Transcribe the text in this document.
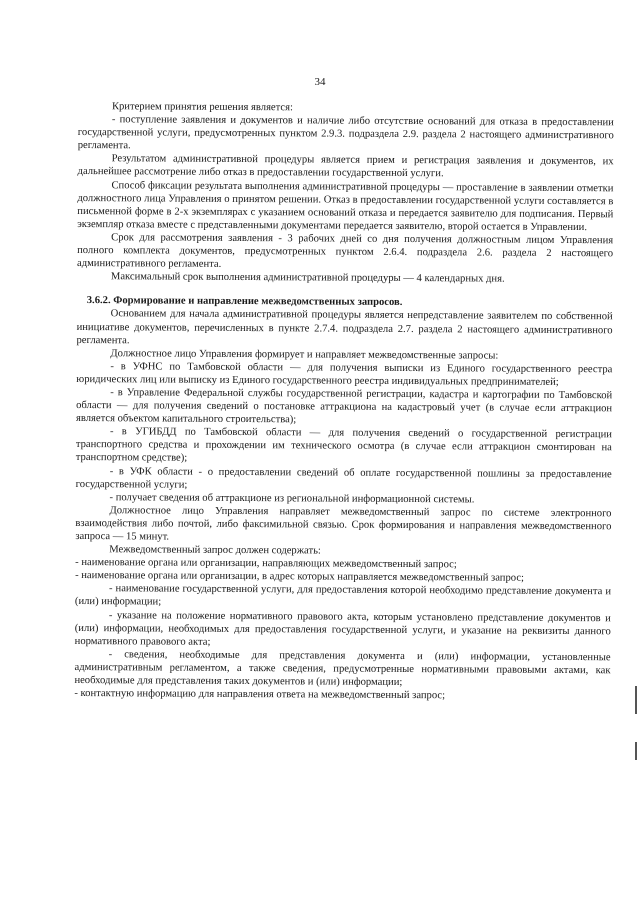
34

Критерием принятия решения является:

- поступление заявления и документов и наличие либо отсутствие оснований для отказа в предоставлении государственной услуги, предусмотренных пунктом 2.9.3. подраздела 2.9. раздела 2 настоящего административного регламента.

Результатом административной процедуры является прием и регистрация заявления и документов, их дальнейшее рассмотрение либо отказ в предоставлении государственной услуги.

Способ фиксации результата выполнения административной процедуры — проставление в заявлении отметки должностного лица Управления о принятом решении. Отказ в предоставлении государственной услуги составляется в письменной форме в 2-х экземплярах с указанием оснований отказа и передается заявителю для подписания. Первый экземпляр отказа вместе с представленными документами передается заявителю, второй остается в Управлении.

Срок для рассмотрения заявления - 3 рабочих дней со дня получения должностным лицом Управления полного комплекта документов, предусмотренных пунктом 2.6.4. подраздела 2.6. раздела 2 настоящего административного регламента.

Максимальный срок выполнения административной процедуры — 4 календарных дня.

3.6.2. Формирование и направление межведомственных запросов.

Основанием для начала административной процедуры является непредставление заявителем по собственной инициативе документов, перечисленных в пункте 2.7.4. подраздела 2.7. раздела 2 настоящего административного регламента.

Должностное лицо Управления формирует и направляет межведомственные запросы:

- в УФНС по Тамбовской области — для получения выписки из Единого государственного реестра юридических лиц или выписку из Единого государственного реестра индивидуальных предпринимателей;

- в Управление Федеральной службы государственной регистрации, кадастра и картографии по Тамбовской области — для получения сведений о постановке аттракциона на кадастровый учет (в случае если аттракцион является объектом капитального строительства);

- в УГИБДД по Тамбовской области — для получения сведений о государственной регистрации транспортного средства и прохождении им технического осмотра (в случае если аттракцион смонтирован на транспортном средстве);

- в УФК области - о предоставлении сведений об оплате государственной пошлины за предоставление государственной услуги;

- получает сведения об аттракционе из региональной информационной системы.

Должностное лицо Управления направляет межведомственный запрос по системе электронного взаимодействия либо почтой, либо факсимильной связью. Срок формирования и направления межведомственного запроса — 15 минут.

Межведомственный запрос должен содержать:

- наименование органа или организации, направляющих межведомственный запрос;

- наименование органа или организации, в адрес которых направляется межведомственный запрос;

- наименование государственной услуги, для предоставления которой необходимо представление документа и (или) информации;

- указание на положение нормативного правового акта, которым установлено представление документов и (или) информации, необходимых для предоставления государственной услуги, и указание на реквизиты данного нормативного правового акта;

- сведения, необходимые для представления документа и (или) информации, установленные административным регламентом, а также сведения, предусмотренные нормативными правовыми актами, как необходимые для представления таких документов и (или) информации;

- контактную информацию для направления ответа на межведомственный запрос;
